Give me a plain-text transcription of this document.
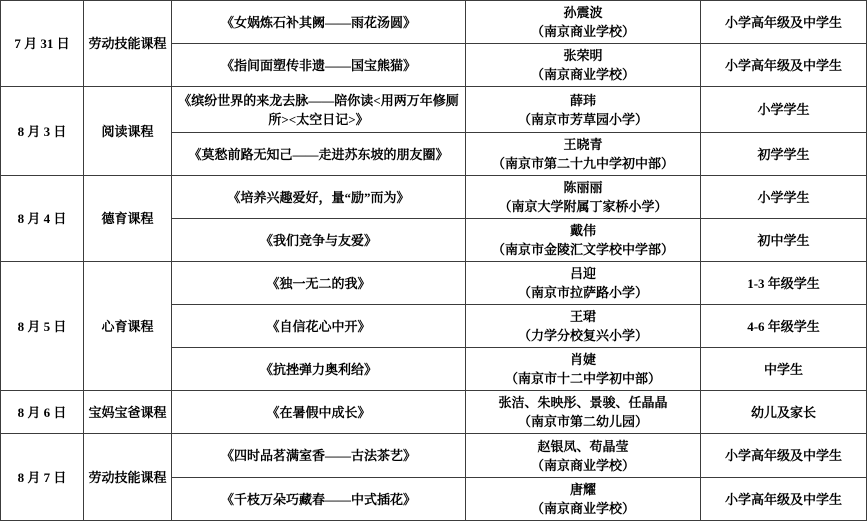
7 月 31 日	劳动技能课程	《女娲炼石补其阙——雨花汤圆》	孙震波
（南京商业学校）	小学高年级及中学生
		《指间面塑传非遗——国宝熊猫》	张荣明
（南京商业学校）	小学高年级及中学生
8 月 3 日	阅读课程	《缤纷世界的来龙去脉——陪你读<用两万年修厕所><太空日记>》	薛玮
（南京市芳草园小学）	小学学生
		《莫愁前路无知己——走进苏东坡的朋友圈》	王晓青
（南京市第二十九中学初中部）	初学学生
8 月 4 日	德育课程	《培养兴趣爱好，量“励”而为》	陈丽丽
（南京大学附属丁家桥小学）	小学学生
		《我们竞争与友爱》	戴伟
（南京市金陵汇文学校中学部）	初中学生
8 月 5 日	心育课程	《独一无二的我》	吕迎
（南京市拉萨路小学）	1-3 年级学生
		《自信花心中开》	王珺
（力学分校复兴小学）	4-6 年级学生
		《抗挫弹力奥利给》	肖婕
（南京市十二中学初中部）	中学生
8 月 6 日	宝妈宝爸课程	《在暑假中成长》	张洁、朱映彤、景骏、任晶晶
（南京市第二幼儿园）	幼儿及家长
8 月 7 日	劳动技能课程	《四时品茗满室香——古法茶艺》	赵银凤、苟晶莹
（南京商业学校）	小学高年级及中学生
		《千枝万朵巧藏春——中式插花》	唐耀
（南京商业学校）	小学高年级及中学生
